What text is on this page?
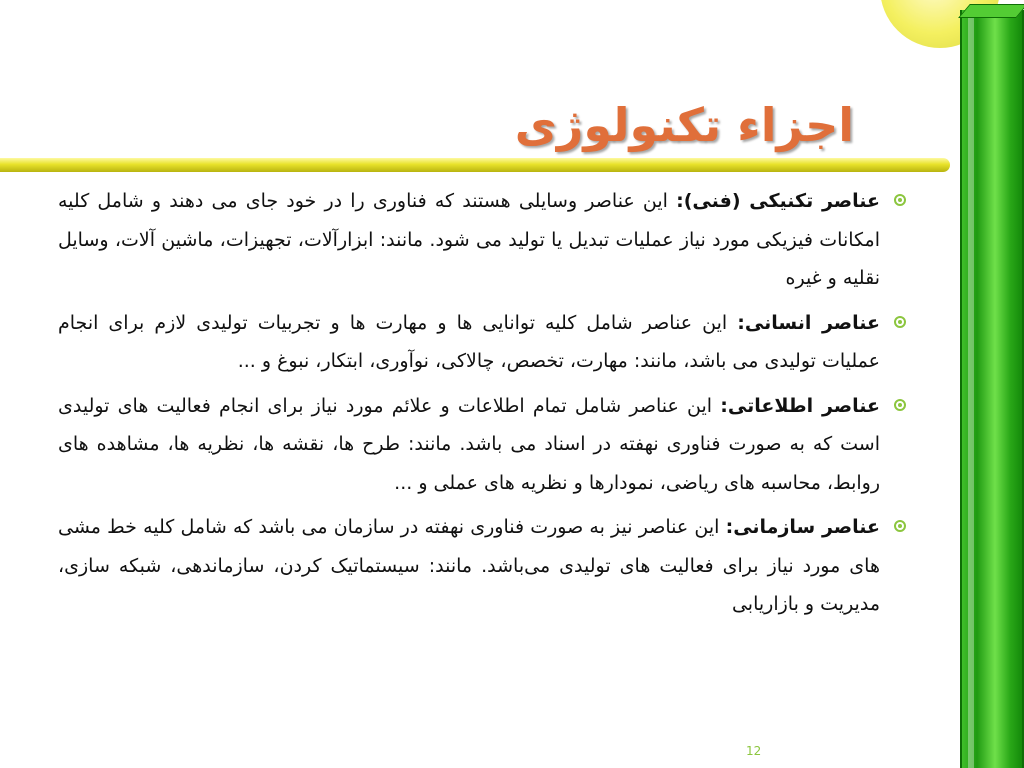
اجزاء تکنولوژی

عناصر تکنیکی (فنی): این عناصر وسایلی هستند که فناوری را در خود جای می دهند و شامل کلیه امکانات فیزیکی مورد نیاز عملیات تبدیل یا تولید می شود. مانند: ابزارآلات، تجهیزات، ماشین آلات، وسایل نقلیه و غیره

عناصر انسانی: این عناصر شامل کلیه توانایی ها و مهارت ها و تجربیات تولیدی لازم برای انجام عملیات تولیدی می باشد، مانند: مهارت، تخصص، چالاکی، نوآوری، ابتکار، نبوغ و ...

عناصر اطلاعاتی: این عناصر شامل تمام اطلاعات و علائم مورد نیاز برای انجام فعالیت های تولیدی است که به صورت فناوری نهفته در اسناد می باشد. مانند: طرح ها، نقشه ها، نظریه ها، مشاهده های روابط، محاسبه های ریاضی، نمودارها و نظریه های عملی و ...

عناصر سازمانی: این عناصر نیز به صورت فناوری نهفته در سازمان می باشد که شامل کلیه خط مشی های مورد نیاز برای فعالیت های تولیدی می‌باشد. مانند: سیستماتیک کردن، سازماندهی، شبکه سازی، مدیریت و بازاریابی

12
